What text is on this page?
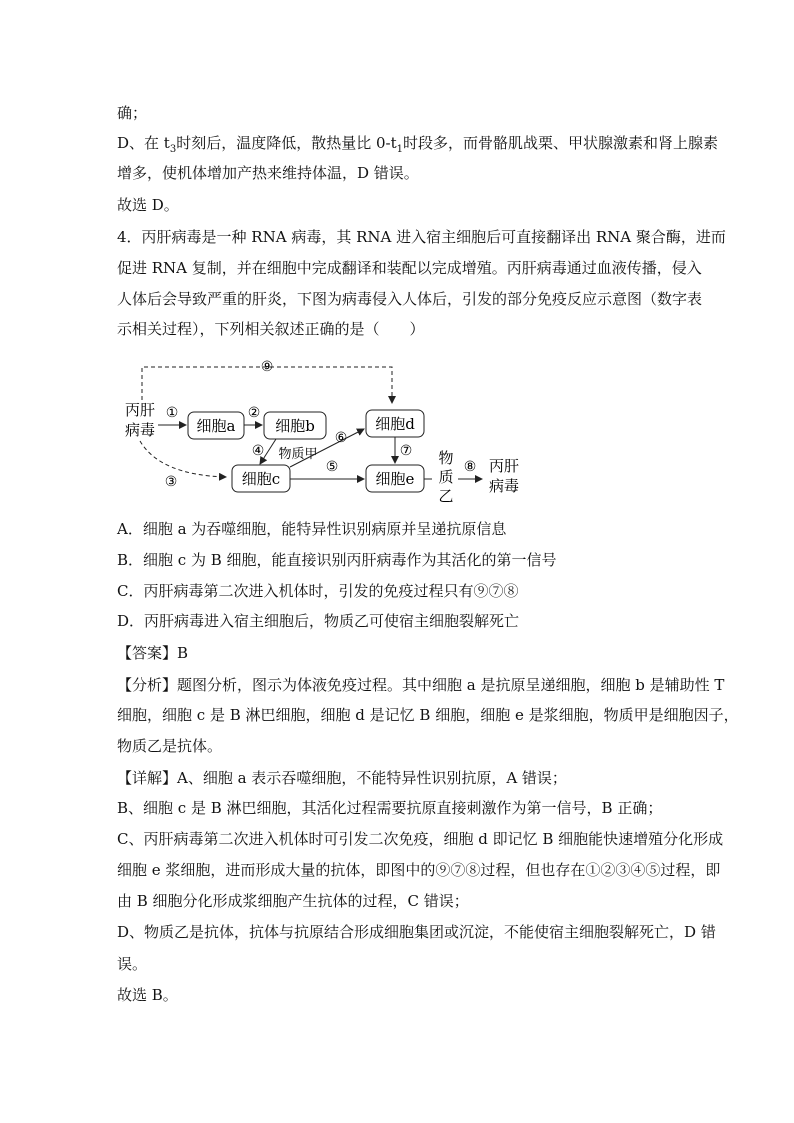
确；
D、在 $t_3$时刻后，温度降低，散热量比 $0-t_1$时段多，而骨骼肌战栗、甲状腺激素和肾上腺素
增多，使机体增加产热来维持体温，D 错误。
故选 D。
4．丙肝病毒是一种 RNA 病毒，其 RNA 进入宿主细胞后可直接翻译出 RNA 聚合酶，进而
促进 RNA 复制，并在细胞中完成翻译和装配以完成增殖。丙肝病毒通过血液传播，侵入
人体后会导致严重的肝炎，下图为病毒侵入人体后，引发的部分免疫反应示意图（数字表
示相关过程），下列相关叙述正确的是（　　）
⑨
③
丙肝
病毒	细胞a	细胞b
细胞c
细胞d
细胞e
①	②
④ 物质甲
⑥
⑤
⑦ 物
质
乙
⑧ 丙肝
病毒
A．细胞 a 为吞噬细胞，能特异性识别病原并呈递抗原信息
B．细胞 c 为 B 细胞，能直接识别丙肝病毒作为其活化的第一信号
C．丙肝病毒第二次进入机体时，引发的免疫过程只有⑨⑦⑧
D．丙肝病毒进入宿主细胞后，物质乙可使宿主细胞裂解死亡
【答案】B
【分析】题图分析，图示为体液免疫过程。其中细胞 a 是抗原呈递细胞，细胞 b 是辅助性 T
细胞，细胞 c 是 B 淋巴细胞，细胞 d 是记忆 B 细胞，细胞 e 是浆细胞，物质甲是细胞因子，
物质乙是抗体。
【详解】A、细胞 a 表示吞噬细胞，不能特异性识别抗原，A 错误；
B、细胞 c 是 B 淋巴细胞，其活化过程需要抗原直接刺激作为第一信号，B 正确；
C、丙肝病毒第二次进入机体时可引发二次免疫，细胞 d 即记忆 B 细胞能快速增殖分化形成
细胞 e 浆细胞，进而形成大量的抗体，即图中的⑨⑦⑧过程，但也存在①②③④⑤过程，即
由 B 细胞分化形成浆细胞产生抗体的过程，C 错误；
D、物质乙是抗体，抗体与抗原结合形成细胞集团或沉淀，不能使宿主细胞裂解死亡，D 错
误。
故选 B。
